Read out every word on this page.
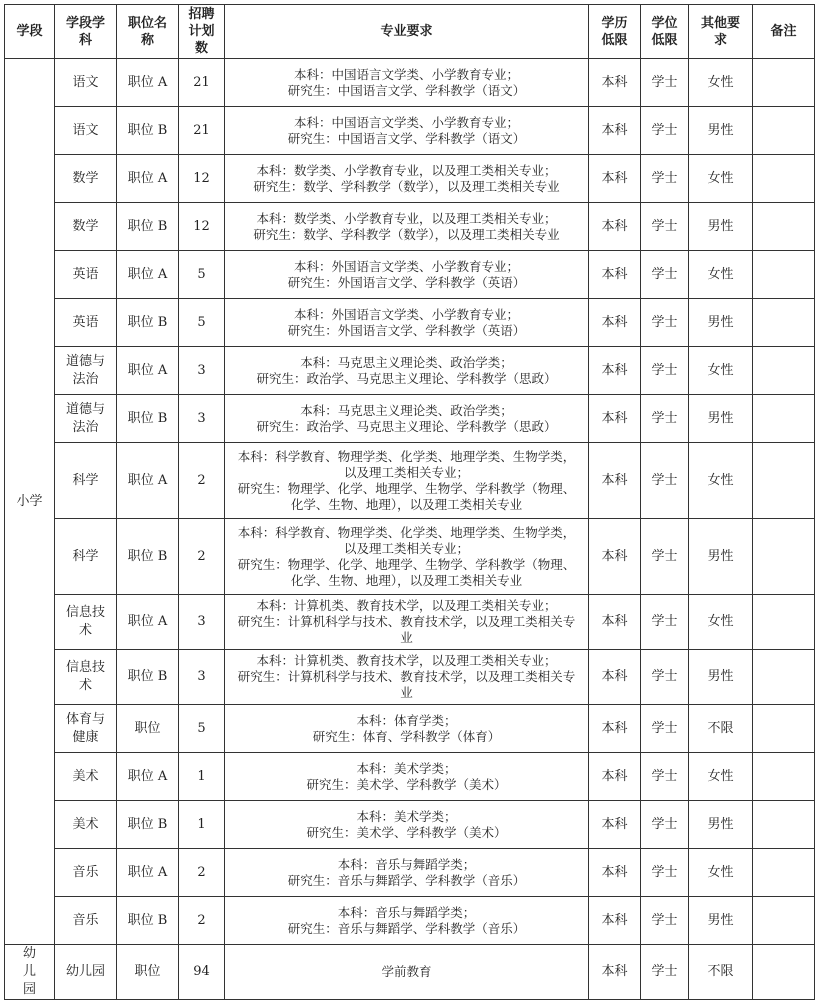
学段	学段学科	职位名称	招聘计划数	专业要求	学历低限	学位低限	其他要求	备注
小学	语文	职位 A	21	本科：中国语言文学类、小学教育专业；
研究生：中国语言文学、学科教学（语文）	本科	学士	女性	
	语文	职位 B	21	本科：中国语言文学类、小学教育专业；
研究生：中国语言文学、学科教学（语文）	本科	学士	男性	
	数学	职位 A	12	本科：数学类、小学教育专业，以及理工类相关专业；
研究生：数学、学科教学（数学），以及理工类相关专业	本科	学士	女性	
	数学	职位 B	12	本科：数学类、小学教育专业，以及理工类相关专业；
研究生：数学、学科教学（数学），以及理工类相关专业	本科	学士	男性	
	英语	职位 A	5	本科：外国语言文学类、小学教育专业；
研究生：外国语言文学、学科教学（英语）	本科	学士	女性	
	英语	职位 B	5	本科：外国语言文学类、小学教育专业；
研究生：外国语言文学、学科教学（英语）	本科	学士	男性	
	道德与法治	职位 A	3	本科：马克思主义理论类、政治学类；
研究生：政治学、马克思主义理论、学科教学（思政）	本科	学士	女性	
	道德与法治	职位 B	3	本科：马克思主义理论类、政治学类；
研究生：政治学、马克思主义理论、学科教学（思政）	本科	学士	男性	
	科学	职位 A	2	本科：科学教育、物理学类、化学类、地理学类、生物学类，以及理工类相关专业；
研究生：物理学、化学、地理学、生物学、学科教学（物理、化学、生物、地理），以及理工类相关专业	本科	学士	女性	
	科学	职位 B	2	本科：科学教育、物理学类、化学类、地理学类、生物学类，以及理工类相关专业；
研究生：物理学、化学、地理学、生物学、学科教学（物理、化学、生物、地理），以及理工类相关专业	本科	学士	男性	
	信息技术	职位 A	3	本科：计算机类、教育技术学，以及理工类相关专业；
研究生：计算机科学与技术、教育技术学，以及理工类相关专业	本科	学士	女性	
	信息技术	职位 B	3	本科：计算机类、教育技术学，以及理工类相关专业；
研究生：计算机科学与技术、教育技术学，以及理工类相关专业	本科	学士	男性	
	体育与健康	职位	5	本科：体育学类；
研究生：体育、学科教学（体育）	本科	学士	不限	
	美术	职位 A	1	本科：美术学类；
研究生：美术学、学科教学（美术）	本科	学士	女性	
	美术	职位 B	1	本科：美术学类；
研究生：美术学、学科教学（美术）	本科	学士	男性	
	音乐	职位 A	2	本科：音乐与舞蹈学类；
研究生：音乐与舞蹈学、学科教学（音乐）	本科	学士	女性	
	音乐	职位 B	2	本科：音乐与舞蹈学类；
研究生：音乐与舞蹈学、学科教学（音乐）	本科	学士	男性	
幼儿园	幼儿园	职位	94	学前教育	本科	学士	不限	
